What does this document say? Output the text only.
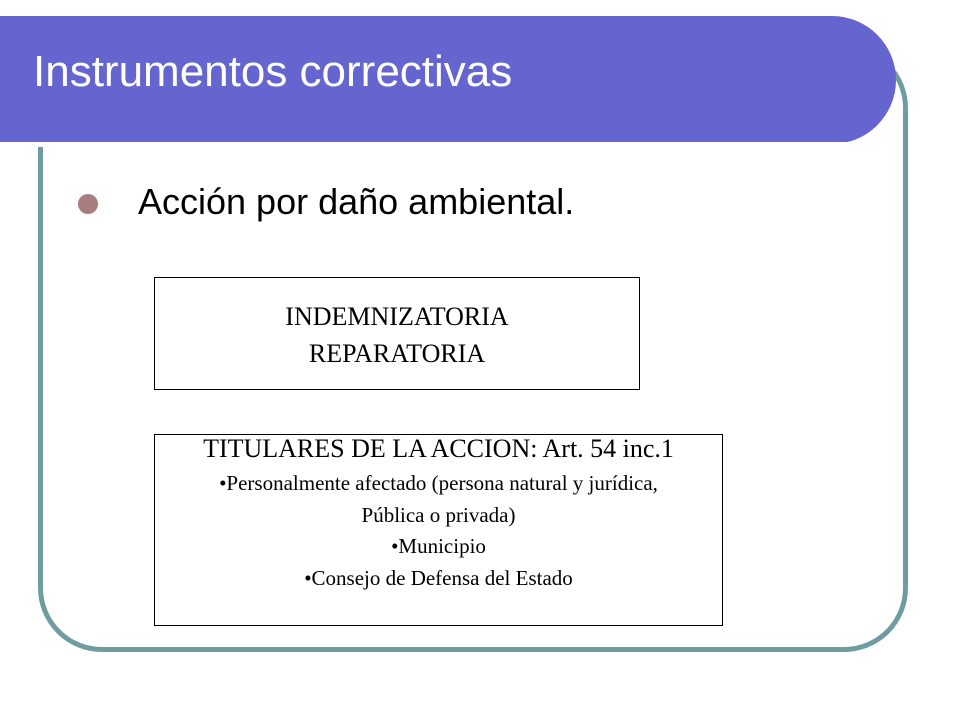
Instrumentos correctivas
Acción por daño ambiental.
INDEMNIZATORIA
REPARATORIA
TITULARES DE LA ACCION: Art. 54 inc.1
•Personalmente afectado (persona natural y jurídica,
Pública o privada)
•Municipio
•Consejo de Defensa del Estado
